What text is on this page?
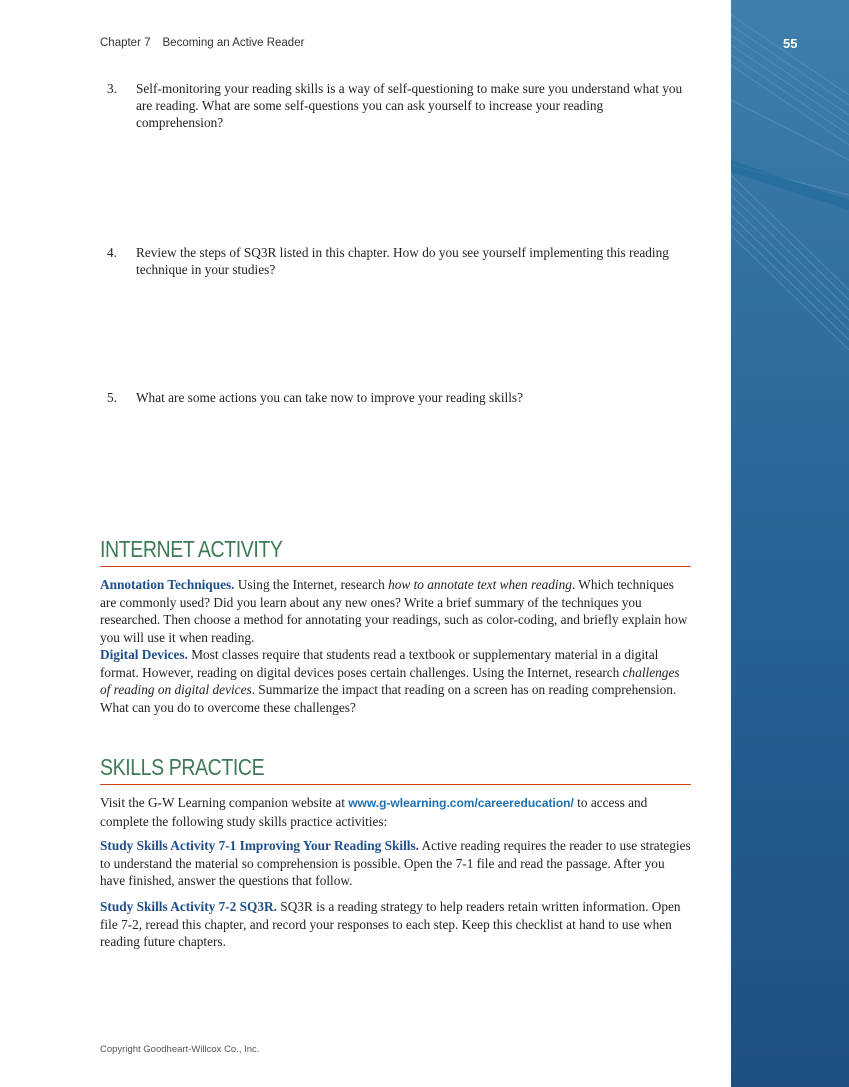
55
Chapter 7 Becoming an Active Reader
3. Self-monitoring your reading skills is a way of self-questioning to make sure you understand what you are reading. What are some self-questions you can ask yourself to increase your reading comprehension?
4. Review the steps of SQ3R listed in this chapter. How do you see yourself implementing this reading technique in your studies?
5. What are some actions you can take now to improve your reading skills?
INTERNET ACTIVITY
Annotation Techniques. Using the Internet, research how to annotate text when reading. Which techniques are commonly used? Did you learn about any new ones? Write a brief summary of the techniques you researched. Then choose a method for annotating your readings, such as color-coding, and briefly explain how you will use it when reading.
Digital Devices. Most classes require that students read a textbook or supplementary material in a digital format. However, reading on digital devices poses certain challenges. Using the Internet, research challenges of reading on digital devices. Summarize the impact that reading on a screen has on reading comprehension. What can you do to overcome these challenges?
SKILLS PRACTICE
Visit the G-W Learning companion website at www.g-wlearning.com/careereducation/ to access and complete the following study skills practice activities:
Study Skills Activity 7-1 Improving Your Reading Skills. Active reading requires the reader to use strategies to understand the material so comprehension is possible. Open the 7-1 file and read the passage. After you have finished, answer the questions that follow.
Study Skills Activity 7-2 SQ3R. SQ3R is a reading strategy to help readers retain written information. Open file 7-2, reread this chapter, and record your responses to each step. Keep this checklist at hand to use when reading future chapters.
Copyright Goodheart-Willcox Co., Inc.
